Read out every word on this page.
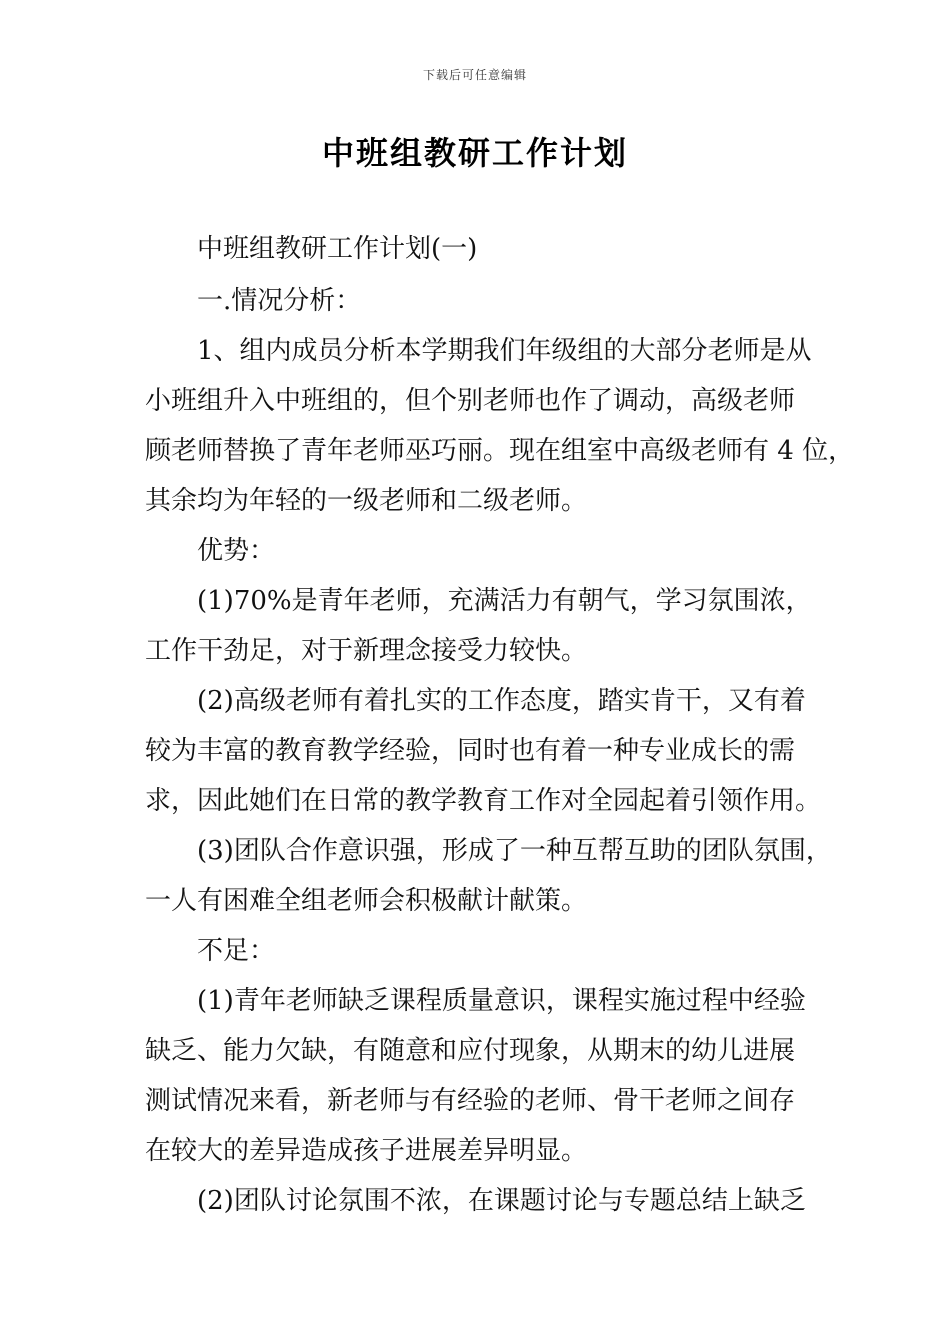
下载后可任意编辑
中班组教研工作计划
中班组教研工作计划(一)
一.情况分析：
1、组内成员分析本学期我们年级组的大部分老师是从
小班组升入中班组的，但个别老师也作了调动，高级老师
顾老师替换了青年老师巫巧丽。现在组室中高级老师有 4 位，
其余均为年轻的一级老师和二级老师。
优势：
(1)70%是青年老师，充满活力有朝气，学习氛围浓，
工作干劲足，对于新理念接受力较快。
(2)高级老师有着扎实的工作态度，踏实肯干，又有着
较为丰富的教育教学经验，同时也有着一种专业成长的需
求，因此她们在日常的教学教育工作对全园起着引领作用。
(3)团队合作意识强，形成了一种互帮互助的团队氛围，
一人有困难全组老师会积极献计献策。
不足：
(1)青年老师缺乏课程质量意识，课程实施过程中经验
缺乏、能力欠缺，有随意和应付现象，从期末的幼儿进展
测试情况来看，新老师与有经验的老师、骨干老师之间存
在较大的差异造成孩子进展差异明显。
(2)团队讨论氛围不浓，在课题讨论与专题总结上缺乏
